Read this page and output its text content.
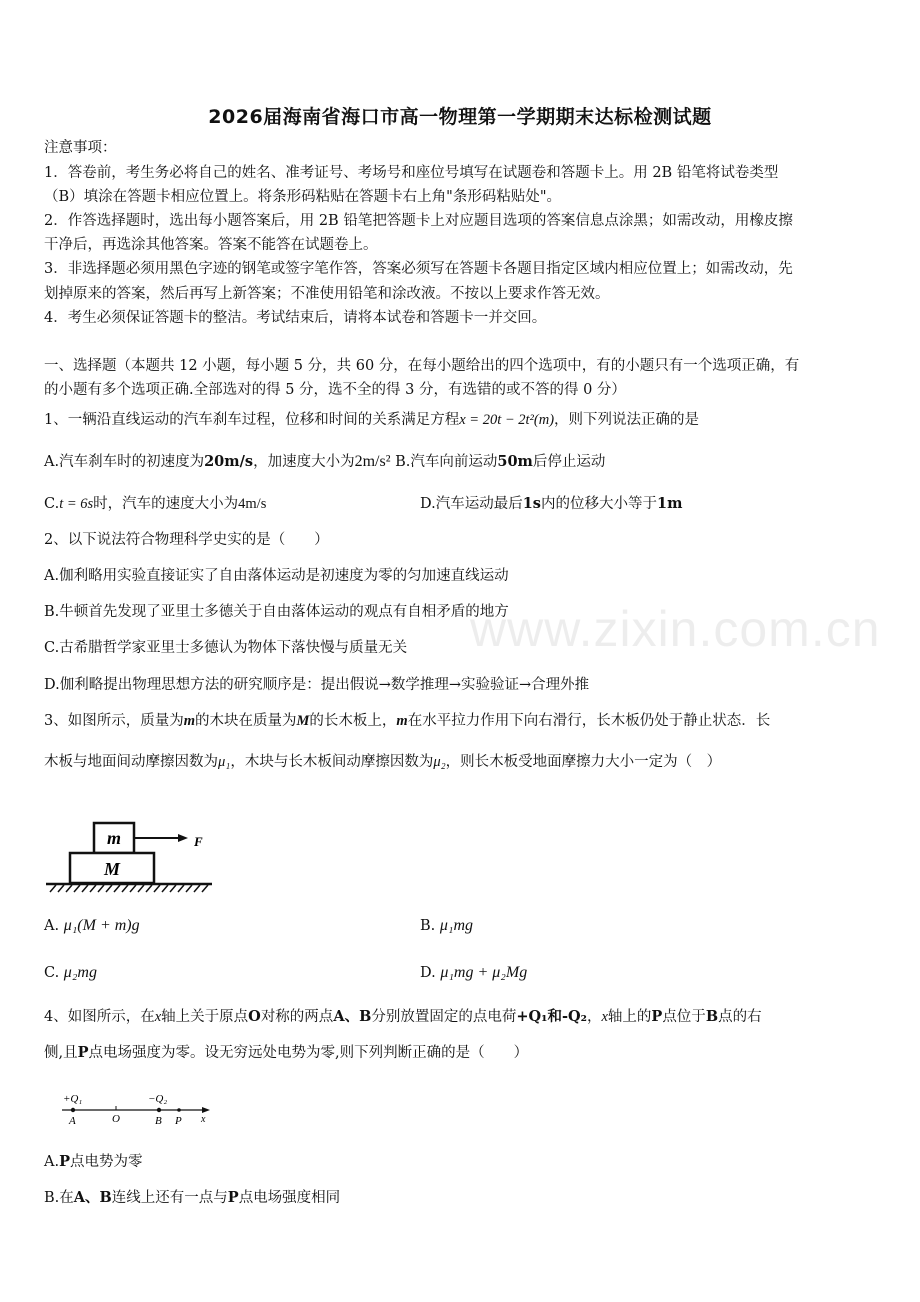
www.zixin.com.cn
2026届海南省海口市高一物理第一学期期末达标检测试题
注意事项：
1．答卷前，考生务必将自己的姓名、准考证号、考场号和座位号填写在试题卷和答题卡上。用 2B 铅笔将试卷类型
（B）填涂在答题卡相应位置上。将条形码粘贴在答题卡右上角"条形码粘贴处"。
2．作答选择题时，选出每小题答案后，用 2B 铅笔把答题卡上对应题目选项的答案信息点涂黑；如需改动，用橡皮擦
干净后，再选涂其他答案。答案不能答在试题卷上。
3．非选择题必须用黑色字迹的钢笔或签字笔作答，答案必须写在答题卡各题目指定区域内相应位置上；如需改动，先
划掉原来的答案，然后再写上新答案；不准使用铅笔和涂改液。不按以上要求作答无效。
4．考生必须保证答题卡的整洁。考试结束后，请将本试卷和答题卡一并交回。
一、选择题（本题共 12 小题，每小题 5 分，共 60 分，在每小题给出的四个选项中，有的小题只有一个选项正确，有
的小题有多个选项正确.全部选对的得 5 分，选不全的得 3 分，有选错的或不答的得 0 分）
1、一辆沿直线运动的汽车刹车过程，位移和时间的关系满足方程x = 20t − 2t²(m)，则下列说法正确的是
A.汽车刹车时的初速度为20m/s，加速度大小为2m/s² B.汽车向前运动50m后停止运动
C.t = 6s时，汽车的速度大小为4m/s	D.汽车运动最后1s内的位移大小等于1m
2、以下说法符合物理科学史实的是（　　）
A.伽利略用实验直接证实了自由落体运动是初速度为零的匀加速直线运动
B.牛顿首先发现了亚里士多德关于自由落体运动的观点有自相矛盾的地方
C.古希腊哲学家亚里士多德认为物体下落快慢与质量无关
D.伽利略提出物理思想方法的研究顺序是：提出假说→数学推理→实验验证→合理外推
3、如图所示，质量为m的木块在质量为M的长木板上，m在水平拉力作用下向右滑行，长木板仍处于静止状态．长
木板与地面间动摩擦因数为μ₁，木块与长木板间动摩擦因数为μ₂，则长木板受地面摩擦力大小一定为（　）
m	F
M
A. μ₁(M + m)g	B. μ₁mg
C. μ₂mg	D. μ₁mg + μ₂Mg
4、如图所示，在x轴上关于原点O对称的两点A、B分别放置固定的点电荷+Q₁和-Q₂，x轴上的P点位于B点的右
侧,且P点电场强度为零。设无穷远处电势为零,则下列判断正确的是（　　）
+Q₁	−Q₂
A	O	B P x
A.P点电势为零
B.在A、B连线上还有一点与P点电场强度相同
